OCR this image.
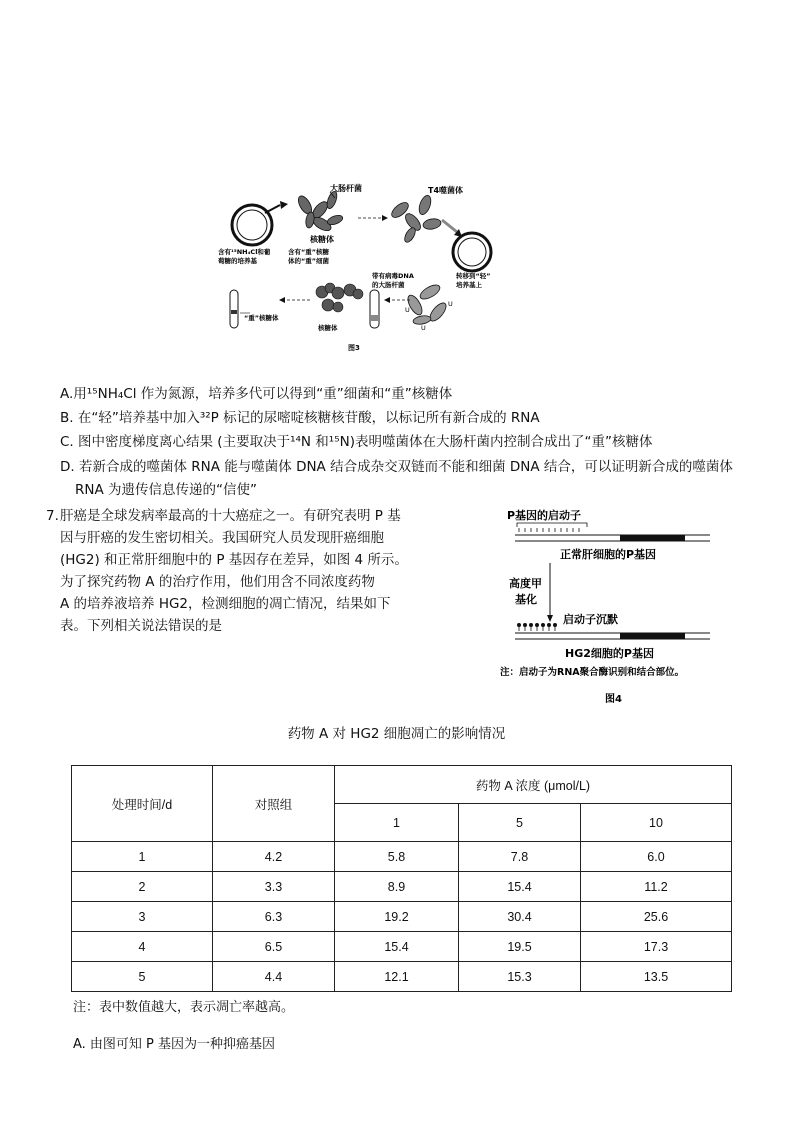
大肠杆菌
核糖体
T4噬菌体
含有¹⁵NH₄Cl和葡
萄糖的培养基
含有“重”核糖
体的“重”细菌
转移到“轻”
培养基上
带有病毒DNA
的大肠杆菌
U
U
U
核糖体
“重”核糖体
图3
A.用¹⁵NH₄Cl 作为氮源，培养多代可以得到“重”细菌和“重”核糖体
B. 在“轻”培养基中加入³²P 标记的尿嘧啶核糖核苷酸，以标记所有新合成的 RNA
C. 图中密度梯度离心结果 (主要取决于¹⁴N 和¹⁵N)表明噬菌体在大肠杆菌内控制合成出了“重”核糖体
D. 若新合成的噬菌体 RNA 能与噬菌体 DNA 结合成杂交双链而不能和细菌 DNA 结合，可以证明新合成的噬菌体
RNA 为遗传信息传递的“信使”
7. 肝癌是全球发病率最高的十大癌症之一。有研究表明 P 基
因与肝癌的发生密切相关。我国研究人员发现肝癌细胞
(HG2) 和正常肝细胞中的 P 基因存在差异，如图 4 所示。
为了探究药物 A 的治疗作用，他们用含不同浓度药物
A 的培养液培养 HG2，检测细胞的凋亡情况，结果如下
表。下列相关说法错误的是
P基因的启动子
正常肝细胞的P基因
高度甲
基化
启动子沉默
HG2细胞的P基因
注：启动子为RNA聚合酶识别和结合部位。
图4
药物 A 对 HG2 细胞凋亡的影响情况
处理时间/d	对照组	药物 A 浓度 (μmol/L)		
		1	5	10
1	4.2	5.8	7.8	6.0
2	3.3	8.9	15.4	11.2
3	6.3	19.2	30.4	25.6
4	6.5	15.4	19.5	17.3
5	4.4	12.1	15.3	13.5
注：表中数值越大，表示凋亡率越高。
A. 由图可知 P 基因为一种抑癌基因
